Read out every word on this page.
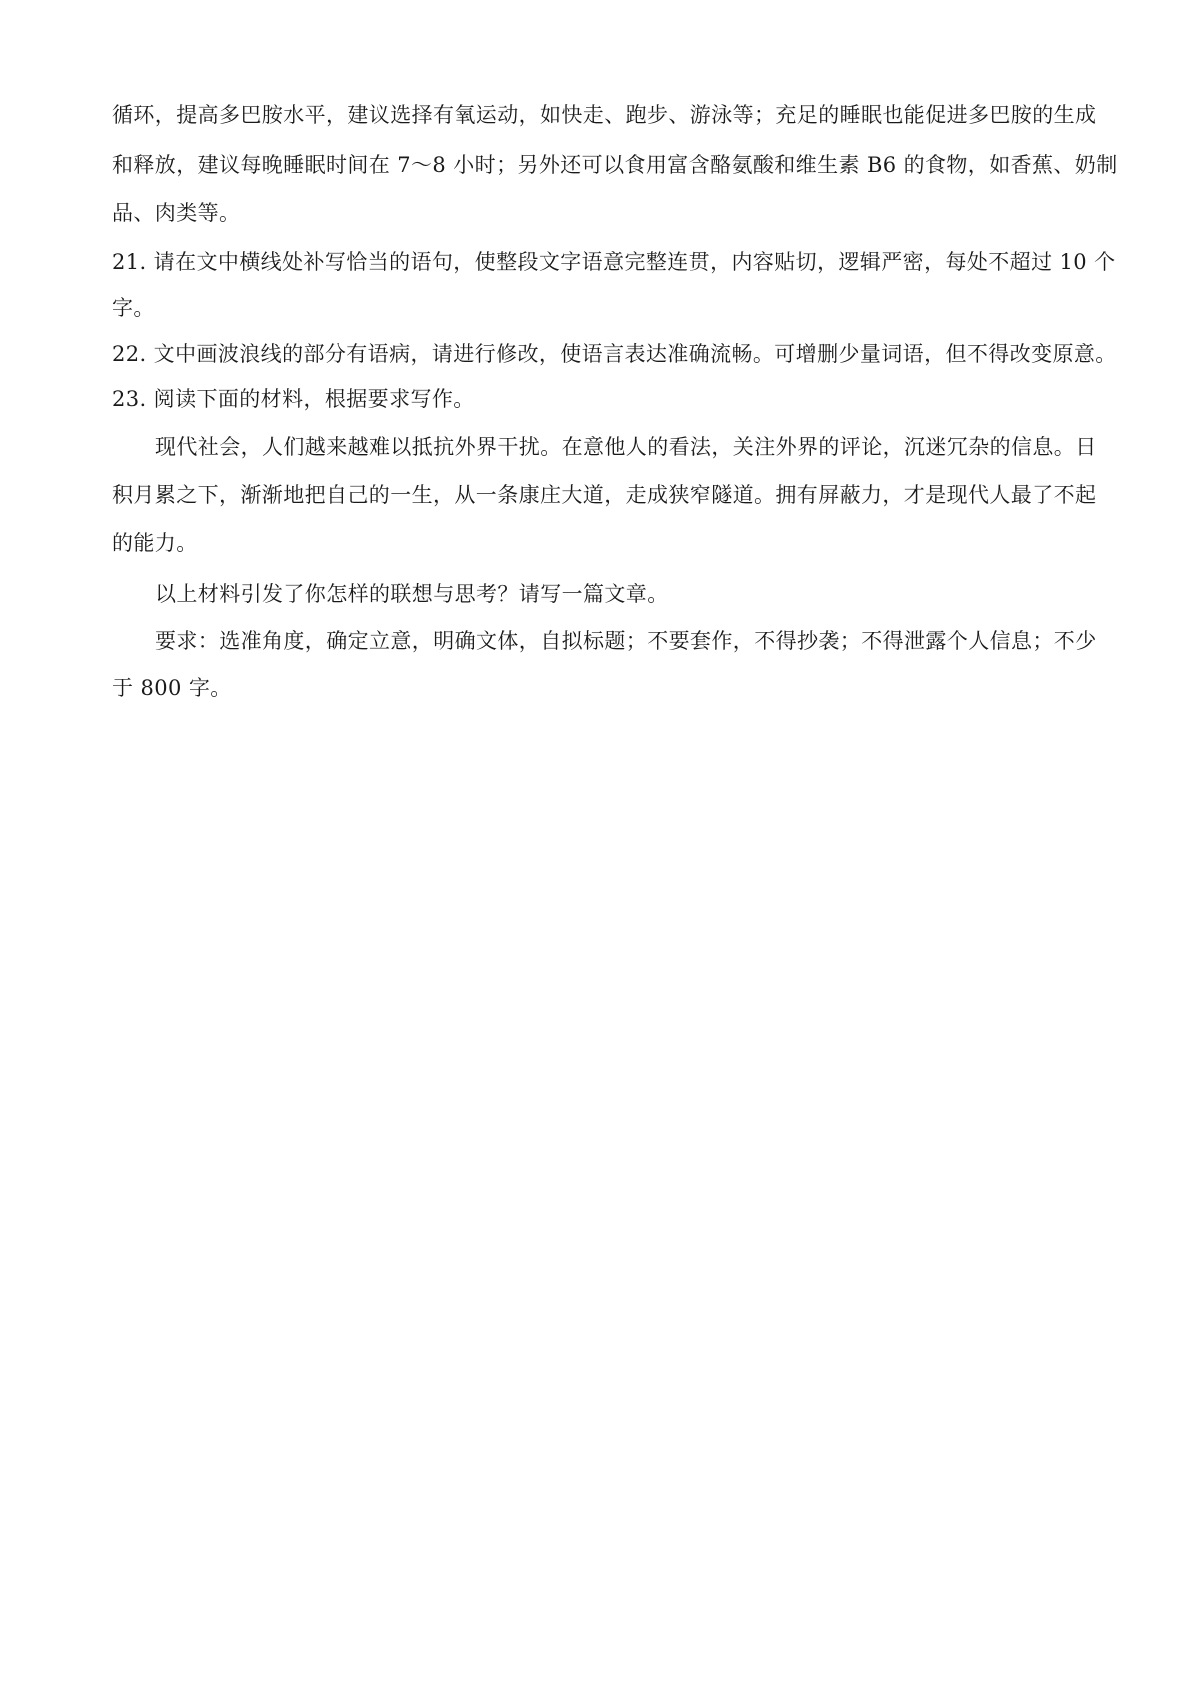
循环，提高多巴胺水平，建议选择有氧运动，如快走、跑步、游泳等；充足的睡眠也能促进多巴胺的生成
和释放，建议每晚睡眠时间在 7～8 小时；另外还可以食用富含酪氨酸和维生素 B6 的食物，如香蕉、奶制
品、肉类等。
21. 请在文中横线处补写恰当的语句，使整段文字语意完整连贯，内容贴切，逻辑严密，每处不超过 10 个
字。
22. 文中画波浪线的部分有语病，请进行修改，使语言表达准确流畅。可增删少量词语，但不得改变原意。
23. 阅读下面的材料，根据要求写作。
现代社会，人们越来越难以抵抗外界干扰。在意他人的看法，关注外界的评论，沉迷冗杂的信息。日
积月累之下，渐渐地把自己的一生，从一条康庄大道，走成狭窄隧道。拥有屏蔽力，才是现代人最了不起
的能力。
以上材料引发了你怎样的联想与思考？请写一篇文章。
要求：选准角度，确定立意，明确文体，自拟标题；不要套作，不得抄袭；不得泄露个人信息；不少
于 800 字。
